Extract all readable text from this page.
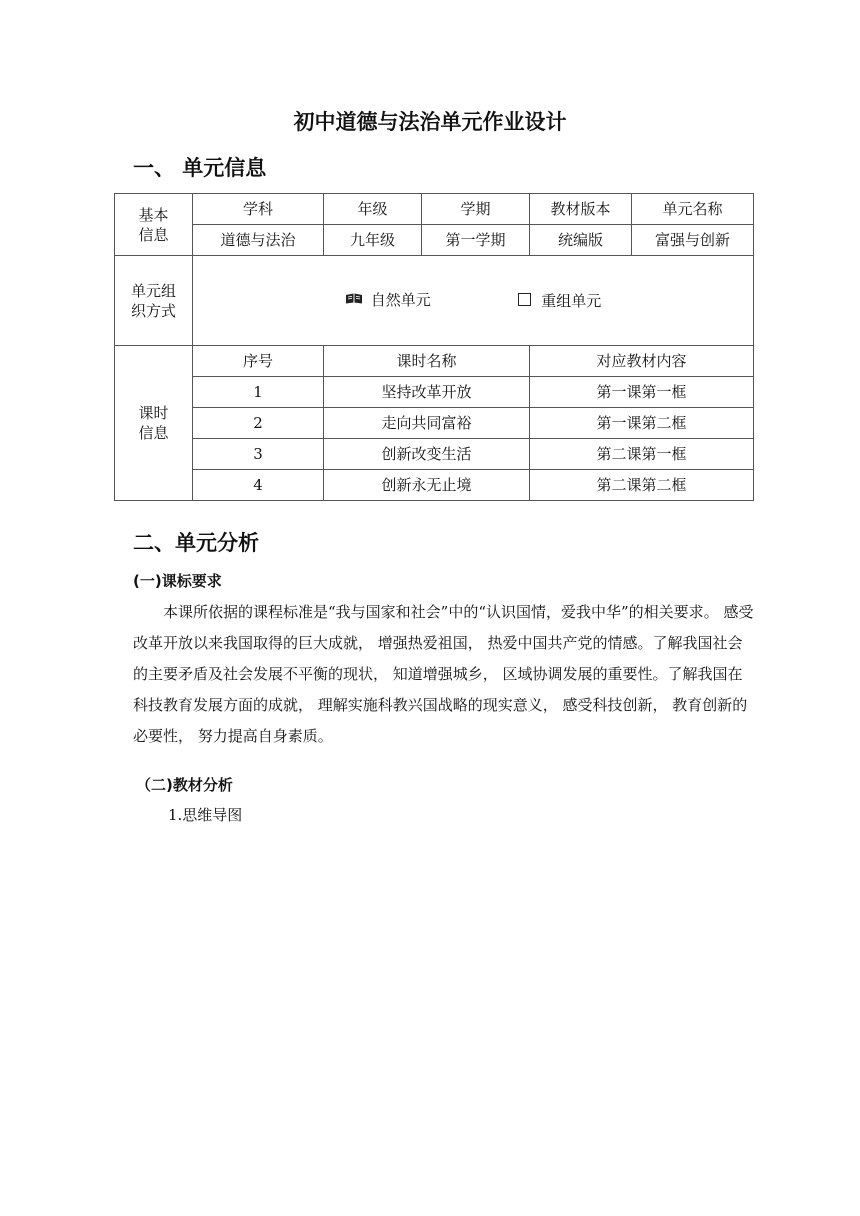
初中道德与法治单元作业设计
一、 单元信息
基本
信息	学科	年级	学期	教材版本	单元名称
	道德与法治	九年级	第一学期	统编版	富强与创新
单元组
织方式	自然单元 重组单元				
课时
信息	序号	课时名称		对应教材内容	
	1	坚持改革开放		第一课第一框	
	2	走向共同富裕		第一课第二框	
	3	创新改变生活		第二课第一框	
	4	创新永无止境		第二课第二框	
二、单元分析
(一)课标要求

本课所依据的课程标准是“我与国家和社会”中的“认识国情，爱我中华”的相关要求。 感受改革开放以来我国取得的巨大成就， 增强热爱祖国， 热爱中国共产党的情感。了解我国社会的主要矛盾及社会发展不平衡的现状， 知道增强城乡， 区域协调发展的重要性。了解我国在科技教育发展方面的成就， 理解实施科教兴国战略的现实意义， 感受科技创新， 教育创新的必要性， 努力提高自身素质。

（二)教材分析
1.思维导图
